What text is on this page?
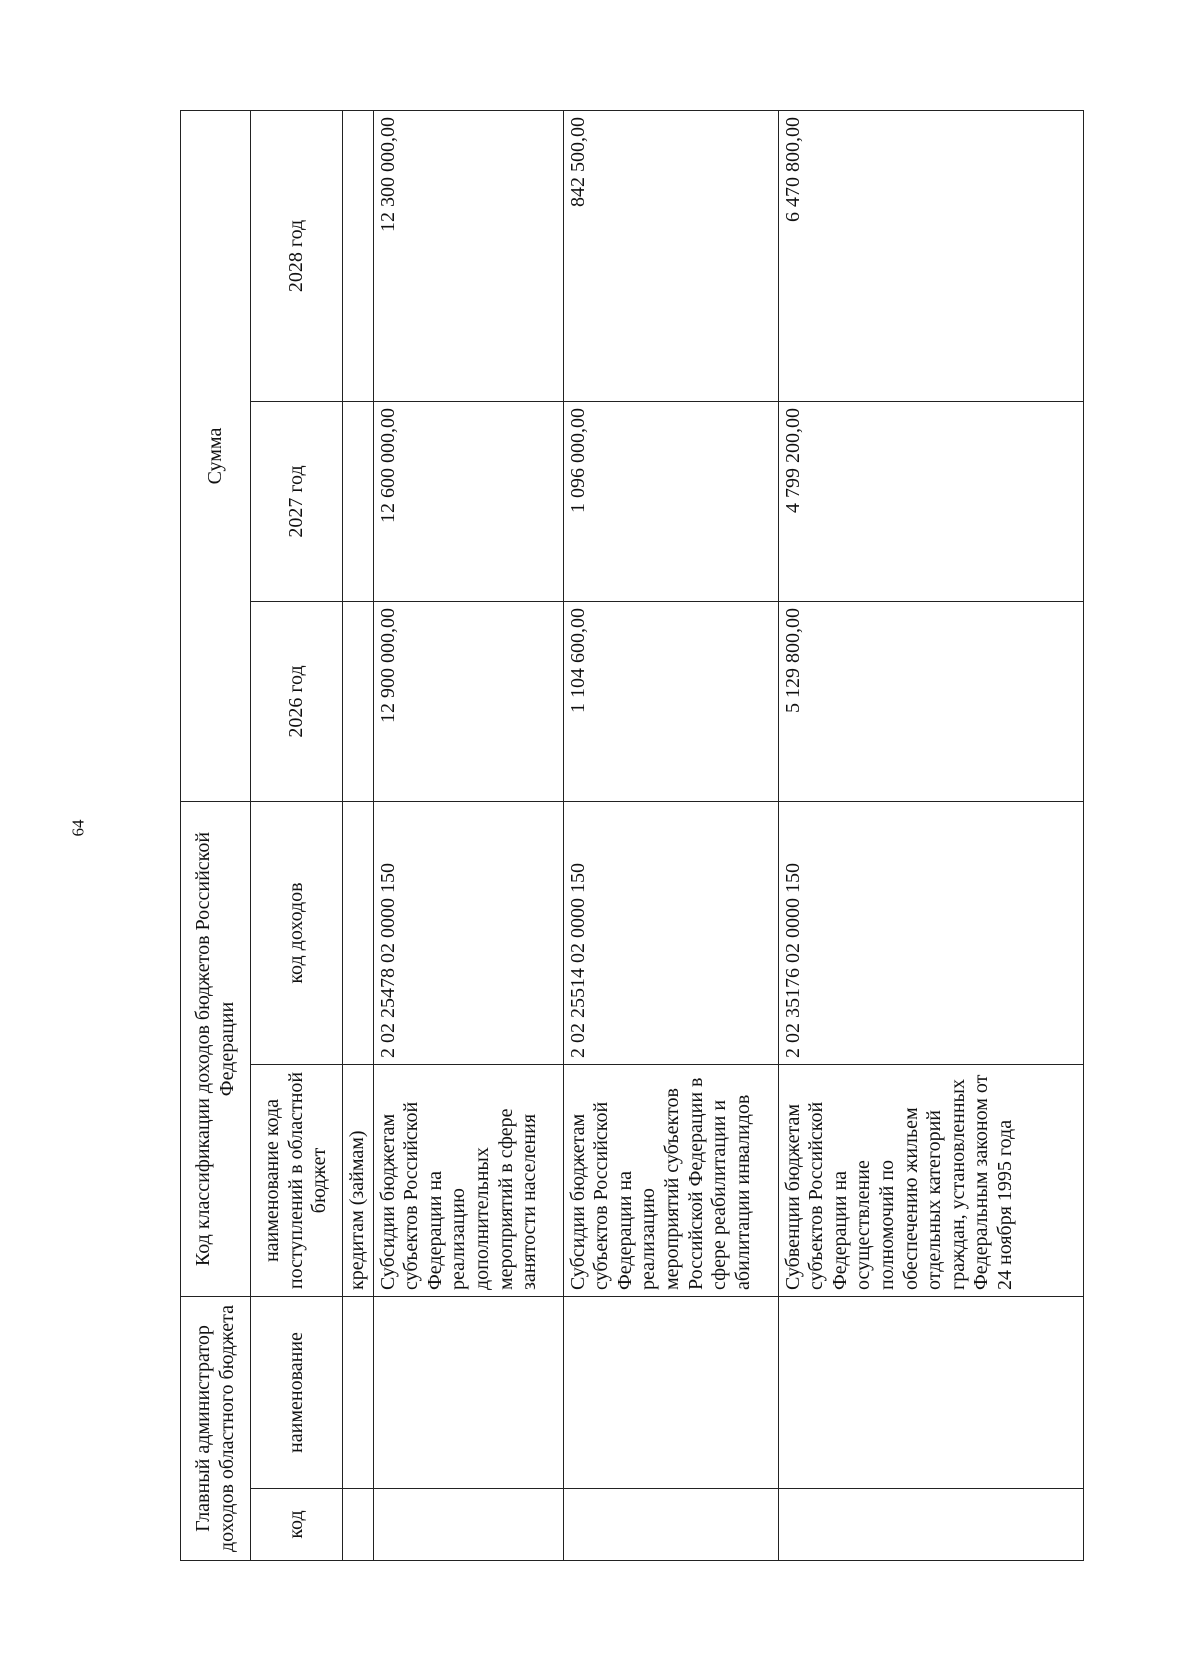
64
Главный администратор доходов областного бюджета		Код классификации доходов бюджетов Российской Федерации		Сумма		
код	наименование	наименование кода поступлений в областной бюджет	код доходов	2026 год	2027 год	2028 год
		кредитам (займам)				
		Субсидии бюджетам субъектов Российской Федерации на реализацию дополнительных мероприятий в сфере занятости населения	2 02 25478 02 0000 150	12 900 000,00	12 600 000,00	12 300 000,00
		Субсидии бюджетам субъектов Российской Федерации на реализацию мероприятий субъектов Российской Федерации в сфере реабилитации и абилитации инвалидов	2 02 25514 02 0000 150	1 104 600,00	1 096 000,00	842 500,00
		Субвенции бюджетам субъектов Российской Федерации на осуществление полномочий по обеспечению жильем отдельных категорий граждан, установленных Федеральным законом от 24 ноября 1995 года	2 02 35176 02 0000 150	5 129 800,00	4 799 200,00	6 470 800,00
